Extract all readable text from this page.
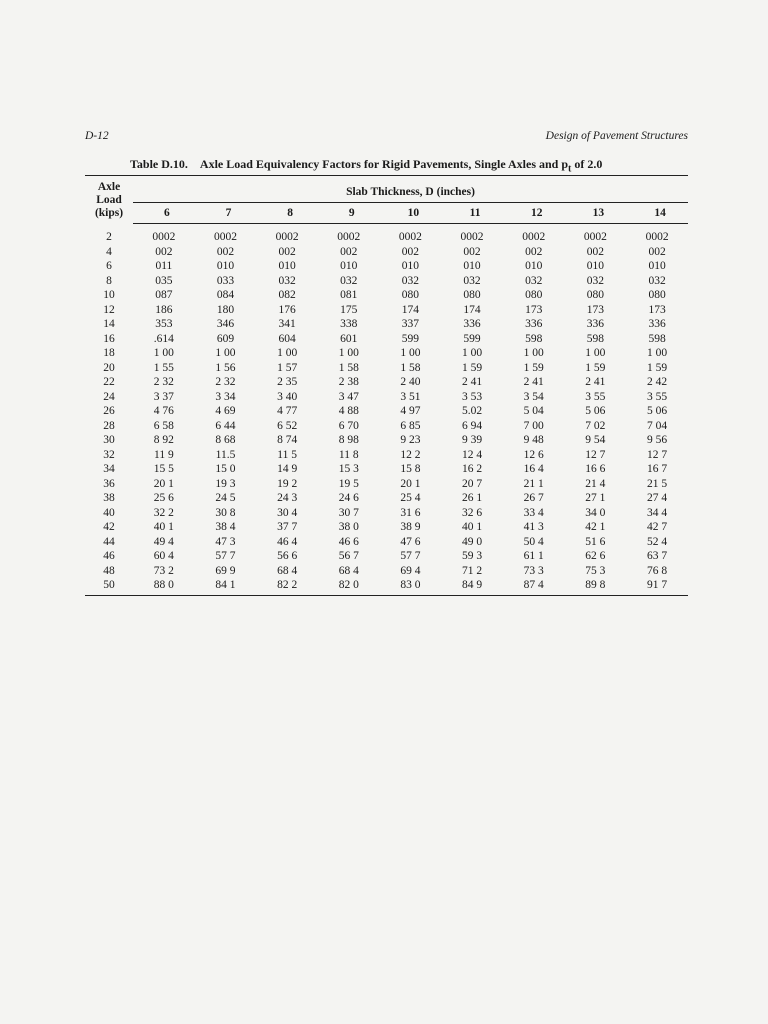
D-12	Design of Pavement Structures
Table D.10. Axle Load Equivalency Factors for Rigid Pavements, Single Axles and $p_t$ of 2.0
Axle
Load
(kips)	Slab Thickness, D (inches)								
	6	7	8	9	10	11	12	13	14
2	0002	0002	0002	0002	0002	0002	0002	0002	0002
4	002	002	002	002	002	002	002	002	002
6	011	010	010	010	010	010	010	010	010
8	035	033	032	032	032	032	032	032	032
10	087	084	082	081	080	080	080	080	080
12	186	180	176	175	174	174	173	173	173
14	353	346	341	338	337	336	336	336	336
16	.614	609	604	601	599	599	598	598	598
18	1 00	1 00	1 00	1 00	1 00	1 00	1 00	1 00	1 00
20	1 55	1 56	1 57	1 58	1 58	1 59	1 59	1 59	1 59
22	2 32	2 32	2 35	2 38	2 40	2 41	2 41	2 41	2 42
24	3 37	3 34	3 40	3 47	3 51	3 53	3 54	3 55	3 55
26	4 76	4 69	4 77	4 88	4 97	5.02	5 04	5 06	5 06
28	6 58	6 44	6 52	6 70	6 85	6 94	7 00	7 02	7 04
30	8 92	8 68	8 74	8 98	9 23	9 39	9 48	9 54	9 56
32	11 9	11.5	11 5	11 8	12 2	12 4	12 6	12 7	12 7
34	15 5	15 0	14 9	15 3	15 8	16 2	16 4	16 6	16 7
36	20 1	19 3	19 2	19 5	20 1	20 7	21 1	21 4	21 5
38	25 6	24 5	24 3	24 6	25 4	26 1	26 7	27 1	27 4
40	32 2	30 8	30 4	30 7	31 6	32 6	33 4	34 0	34 4
42	40 1	38 4	37 7	38 0	38 9	40 1	41 3	42 1	42 7
44	49 4	47 3	46 4	46 6	47 6	49 0	50 4	51 6	52 4
46	60 4	57 7	56 6	56 7	57 7	59 3	61 1	62 6	63 7
48	73 2	69 9	68 4	68 4	69 4	71 2	73 3	75 3	76 8
50	88 0	84 1	82 2	82 0	83 0	84 9	87 4	89 8	91 7
